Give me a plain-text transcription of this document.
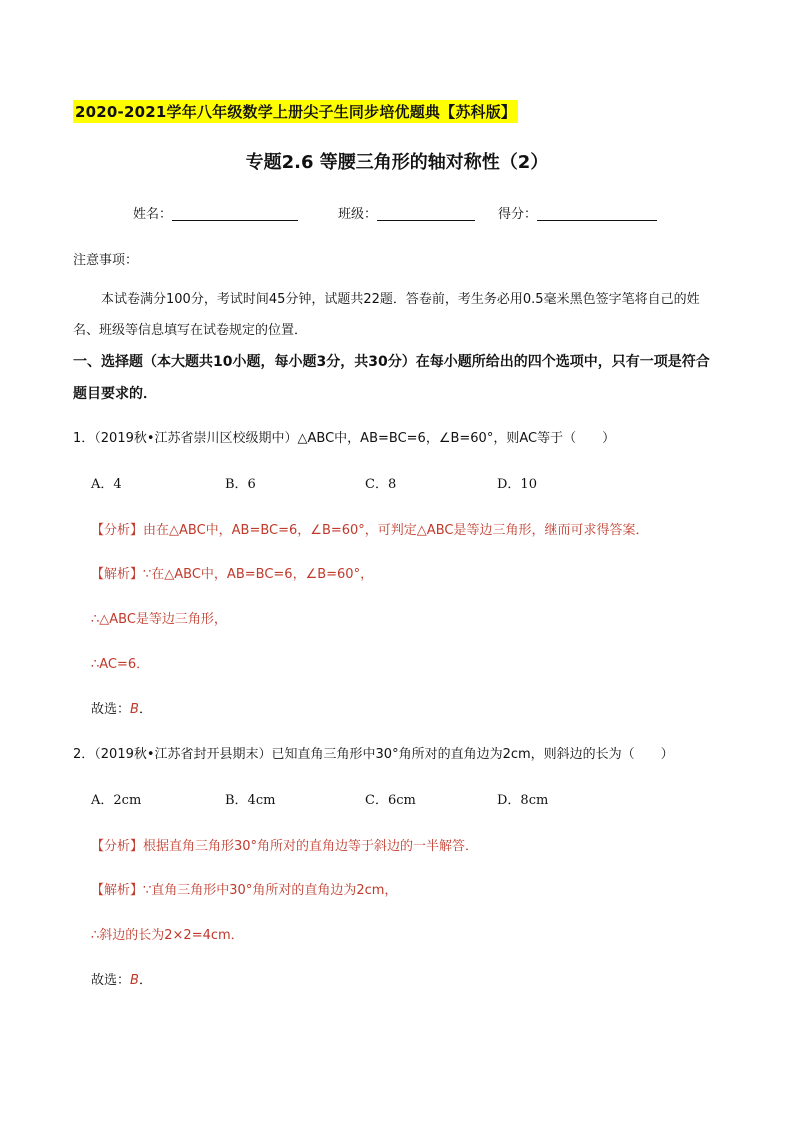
2020-2021学年八年级数学上册尖子生同步培优题典【苏科版】
专题2.6 等腰三角形的轴对称性（2）
姓名：	班级：	得分：
注意事项：
本试卷满分100分，考试时间45分钟，试题共22题．答卷前，考生务必用0.5毫米黑色签字笔将自己的姓名、班级等信息填写在试卷规定的位置．
一、选择题（本大题共10小题，每小题3分，共30分）在每小题所给出的四个选项中，只有一项是符合题目要求的．
1．（2019秋•江苏省崇川区校级期中）△ABC中，AB=BC=6，∠B=60°，则AC等于（　　）
A．4	B．6	C．8	D．10
【分析】由在△ABC中，AB=BC=6，∠B=60°，可判定△ABC是等边三角形，继而可求得答案．
【解析】∵在△ABC中，AB=BC=6，∠B=60°，
∴△ABC是等边三角形，
∴AC=6．
故选：B．
2．（2019秋•江苏省封开县期末）已知直角三角形中30°角所对的直角边为2cm，则斜边的长为（　　）
A．2cm	B．4cm	C．6cm	D．8cm
【分析】根据直角三角形30°角所对的直角边等于斜边的一半解答．
【解析】∵直角三角形中30°角所对的直角边为2cm，
∴斜边的长为2×2=4cm．
故选：B．
